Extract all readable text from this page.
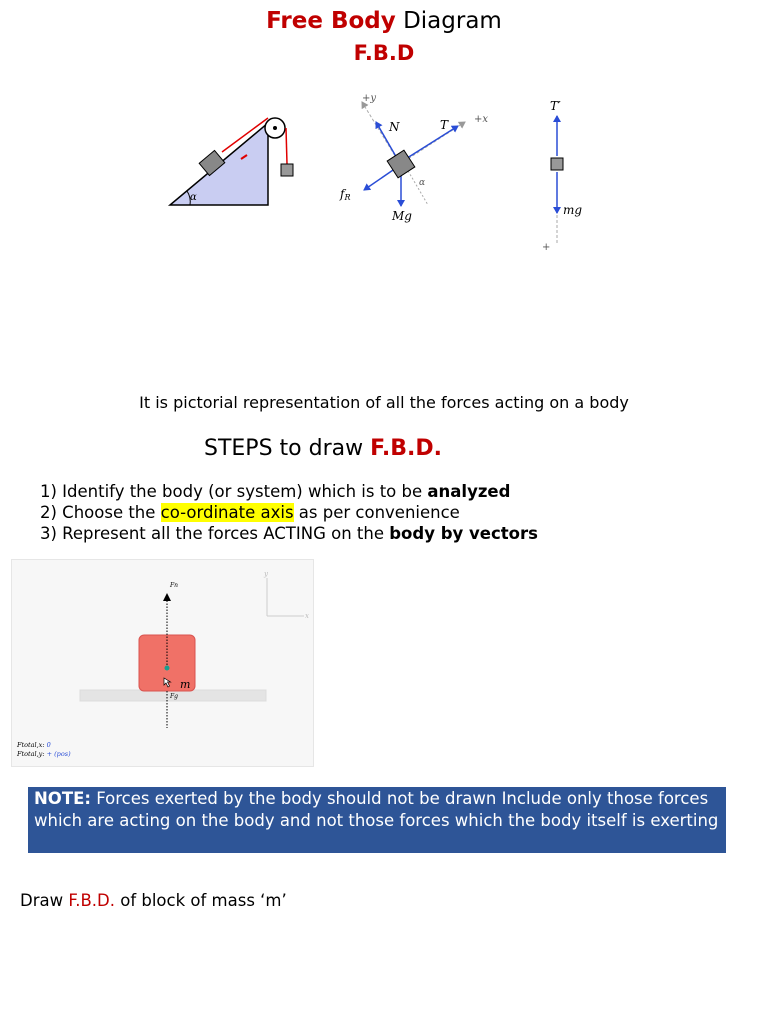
Free Body Diagram
F.B.D
α
+y
+x
α
N	T
fR
Mg
T′
mg
+
It is pictorial representation of all the forces acting on a body
STEPS to draw F.B.D.
1) Identify the body (or system) which is to be analyzed
2) Choose the co-ordinate axis as per convenience
3) Represent all the forces ACTING on the body by vectors
y
x
Fn
Fg
m
Ftotal,x: 0
Ftotal,y: + (pos)
NOTE: Forces exerted by the body should not be drawn Include only those forces which are acting on the body and not those forces which the body itself is exerting
Draw F.B.D. of block of mass ‘m’
